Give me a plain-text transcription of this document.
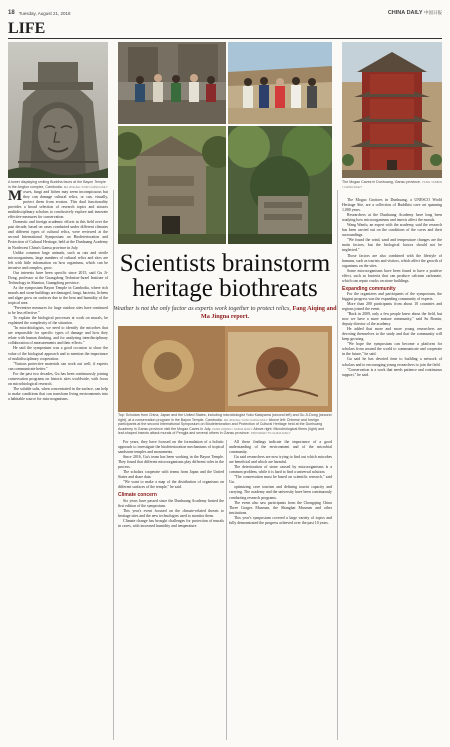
18 Tuesday, August 21, 2018	CHINA DAILY 中国日报
LIFE
A tower displaying smiling Buddha faces at the Bayon Temple in the Angkor complex, Cambodia. MA JINGNA / FOR CHINA DAILY
The Mogao Caves in Dunhuang, Gansu province. YANG YANBIN / CHINA DAILY

Mosses, fungi and lichen may seem inconspicuous but they can damage cultural relics, or can, visually, protect them from erosion. This dual functionality provides a broad selection of research topics and attracts multidisciplinary scholars to conclusively explore and innovate effective measures for conservation.

Domestic and foreign academic efforts in this field over the past decade, based on cases conducted under different climates and different types of cultural relics, were reviewed at the second International Symposium on Biodeterioration and Protection of Cultural Heritage, held at the Dunhuang Academy in Northwest China's Gansu province in July.

Unlike common large animals, such as rats and sterile microorganisms, large numbers of cultural relics and sites are left with little information on how organisms, which can be invasive and complex, grow.

Our interests have been specific since 2015, said Gu Ji-Dong, professor at the Guangdong Technion-Israel Institute of Technology in Shantou, Guangdong province.

As the symposium Bayon Temple in Cambodia, where rich murals and stone buildings are damaged, fungi, bacteria, lichens and algae grow on surfaces due to the heat and humidity of the tropical area.

"Preventive measures for large outdoor sites have continued to be less effective."

To explain the biological processes at work on murals, he explained the complexity of the situation.

"In microbiologists, we need to identify the microbes that are responsible for specific types of damage and how they relate with human thinking, and for analyzing interdisciplinary collaboration of measurements and their effects."

He said the symposium was a good occasion to show the value of the biological approach and to mention the importance of multidisciplinary cooperation.

"Various protective materials can work out well, if experts can communicate better."

For the past two decades, Gu has been continuously joining conservation programs on historic sites worldwide, with focus on microbiological research.

The soluble salts, when concentrated in the surface, can help to make conditions that can transform living environments into a habitable source for microorganisms.

The Mogao Grottoes in Dunhuang, a UNESCO World Heritage Site, are a collection of Buddhist cave art spanning 1,000 years.

Researchers at the Dunhuang Academy have long been studying how microorganisms and insects affect the murals.

Wang Wanfu, an expert with the academy, said the research has been carried out on the conditions of the caves and their surroundings.

"We found the wind, sand and temperature changes are the main factors, but the biological factors should not be neglected."

Those factors are also combined with the lifestyle of humans, such as tourists and visitors, which affect the growth of organisms on the sites.

Some microorganisms have been found to have a positive effect, such as bacteria that can produce calcium carbonate, which can repair cracks on stone buildings.

Expanding community

For the organizers and participants of the symposium, the biggest progress was the expanding community of experts.

More than 200 participants from about 10 countries and regions joined the event.

"Back in 2009, only a few people knew about the field, but now we have a more mature community," said Su Bomin, deputy director of the academy.

He added that more and more young researchers are devoting themselves to the study and that the community will keep growing.

"We hope the symposium can become a platform for scholars from around the world to communicate and cooperate in the future," he said.

Gu said he has devoted time to building a network of scholars and to encouraging young researchers to join the field.

"Conservation is a work that needs patience and continuous support," he said.

Scientists brainstorm heritage biothreats
Weather is not the only factor as experts work together to protect relics, Fang Aiqing and Ma Jingna report.
Top: Scholars from China, Japan and the United States, including microbiologist Yoko Katayama (second left) and Gu Ji-Dong (second right), at a conservation program in the Bayon Temple, Cambodia. MA JINGNA / FOR CHINA DAILY Above left: Chinese and foreign participants at the second International Symposium on Biodeterioration and Protection of Cultural Heritage held at the Dunhuang Academy in Gansu province visit the Mogao Caves in July. FANG AIQING / CHINA DAILY Above right: Microbiological fibers (light) and leaf-shaped insects attack murals of Pengjia and several others in Gansu province. PROVIDED TO CHINA DAILY

For years, they have focused on the formulation of a holistic approach to investigate the biodeterioration mechanisms of tropical sandstone temples and monuments.

Since 2016, Gu's team has been working in the Bayon Temple. They found that different microorganisms play different roles in the process.

The scholars cooperate with teams from Japan and the United States and share data.

"We want to make a map of the distribution of organisms on different surfaces of the temple," he said.

Climate concern

Six years have passed since the Dunhuang Academy hosted the first edition of the symposium.

This year's event focused on the climate-related threats to heritage sites and the new technologies used to monitor them.

Climate change has brought challenges for protection of murals in caves, with increased humidity and temperature.

All these findings indicate the importance of a good understanding of the environment and of the microbial community.

Gu said researchers are now trying to find out which microbes are beneficial and which are harmful.

The deterioration of stone caused by microorganisms is a common problem, while it is hard to find a universal solution.

"The conservation must be based on scientific research," said Gu.

optimizing cave tourism and defining tourist capacity and carrying. The academy and the university have been continuously conducting research programs.

The event also saw participants from the Chongqing China Three Gorges Museum, the Shanghai Museum and other institutions.

This year's symposium covered a large variety of topics and fully demonstrated the progress achieved over the past 10 years.
